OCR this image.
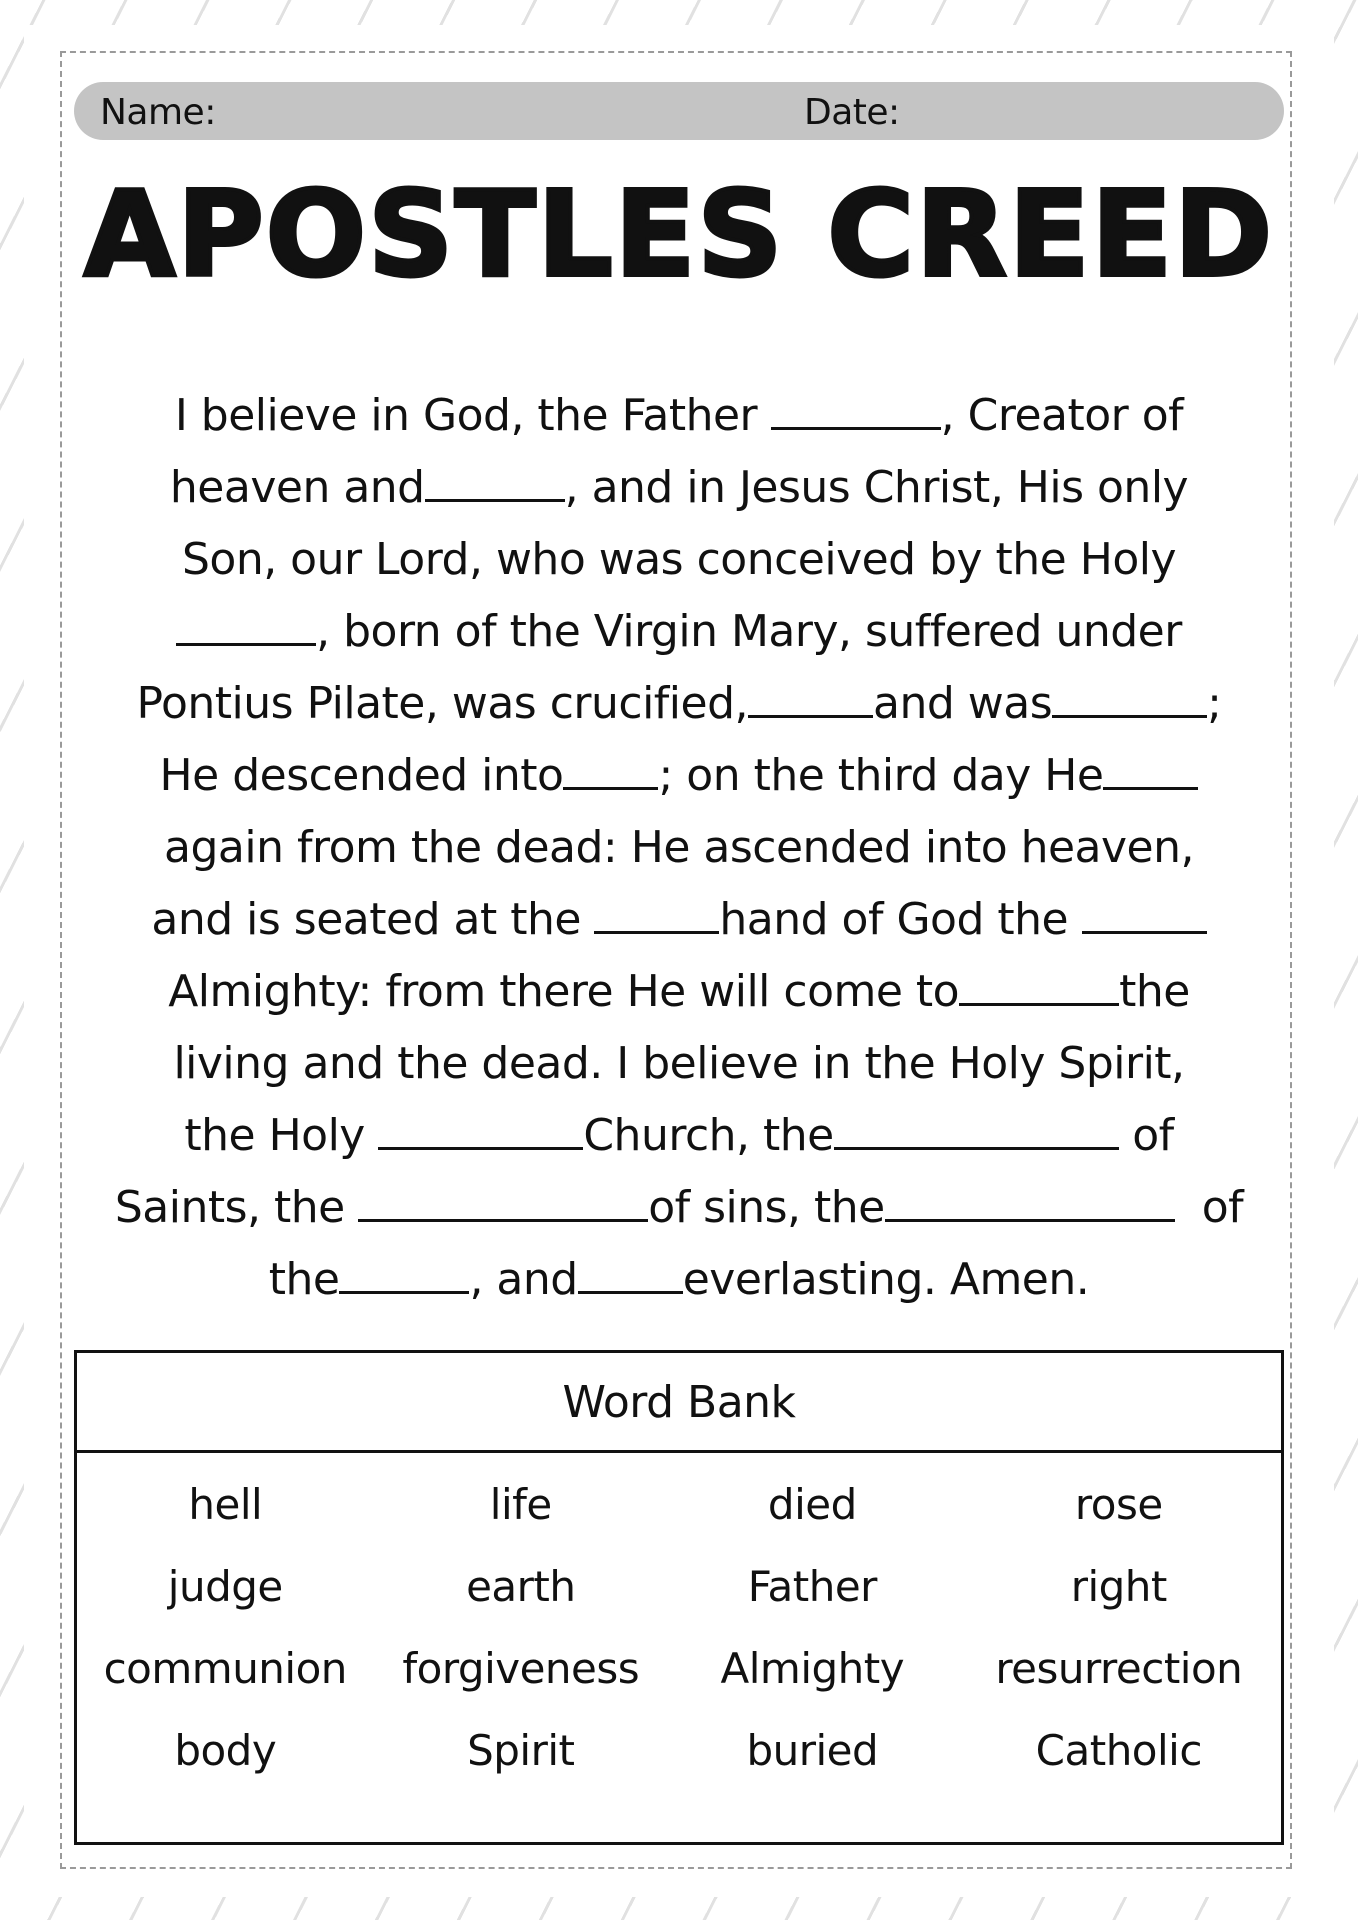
Name:	Date:
APOSTLES CREED
I believe in God, the Father	, Creator of
heaven and	, and in Jesus Christ, His only
Son, our Lord, who was conceived by the Holy
, born of the Virgin Mary, suffered under
Pontius Pilate, was crucified,	and was	;
He descended into ; on the third day He
again from the dead: He ascended into heaven,
and is seated at the	hand of God the
Almighty: from there He will come to	the
living and the dead. I believe in the Holy Spirit,
the Holy	Church, the	of
Saints, the	of sins, the	of
the	, and everlasting. Amen.
Word Bank
hell	life	died	rose
judge	earth	Father	right
communion	forgiveness	Almighty	resurrection
body	Spirit	buried	Catholic
